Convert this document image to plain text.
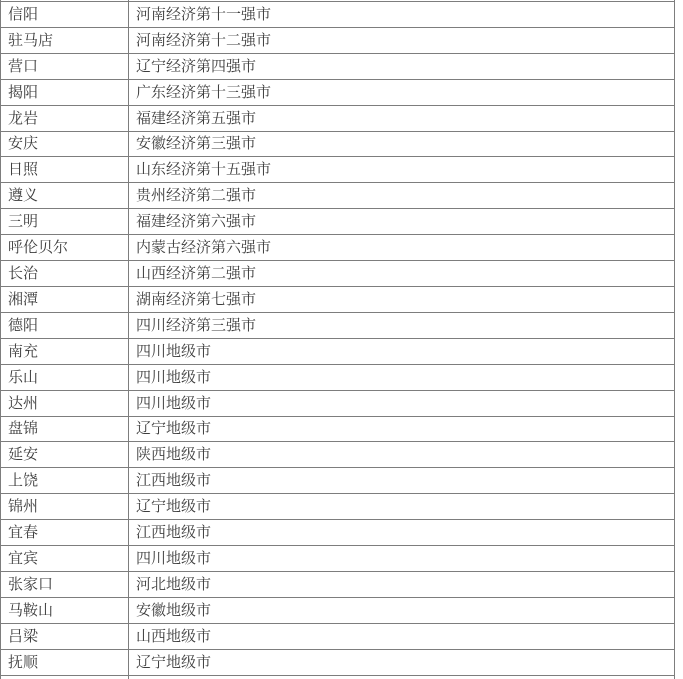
信阳	河南经济第十一强市
驻马店	河南经济第十二强市
营口	辽宁经济第四强市
揭阳	广东经济第十三强市
龙岩	福建经济第五强市
安庆	安徽经济第三强市
日照	山东经济第十五强市
遵义	贵州经济第二强市
三明	福建经济第六强市
呼伦贝尔	内蒙古经济第六强市
长治	山西经济第二强市
湘潭	湖南经济第七强市
德阳	四川经济第三强市
南充	四川地级市
乐山	四川地级市
达州	四川地级市
盘锦	辽宁地级市
延安	陕西地级市
上饶	江西地级市
锦州	辽宁地级市
宜春	江西地级市
宜宾	四川地级市
张家口	河北地级市
马鞍山	安徽地级市
吕梁	山西地级市
抚顺	辽宁地级市
